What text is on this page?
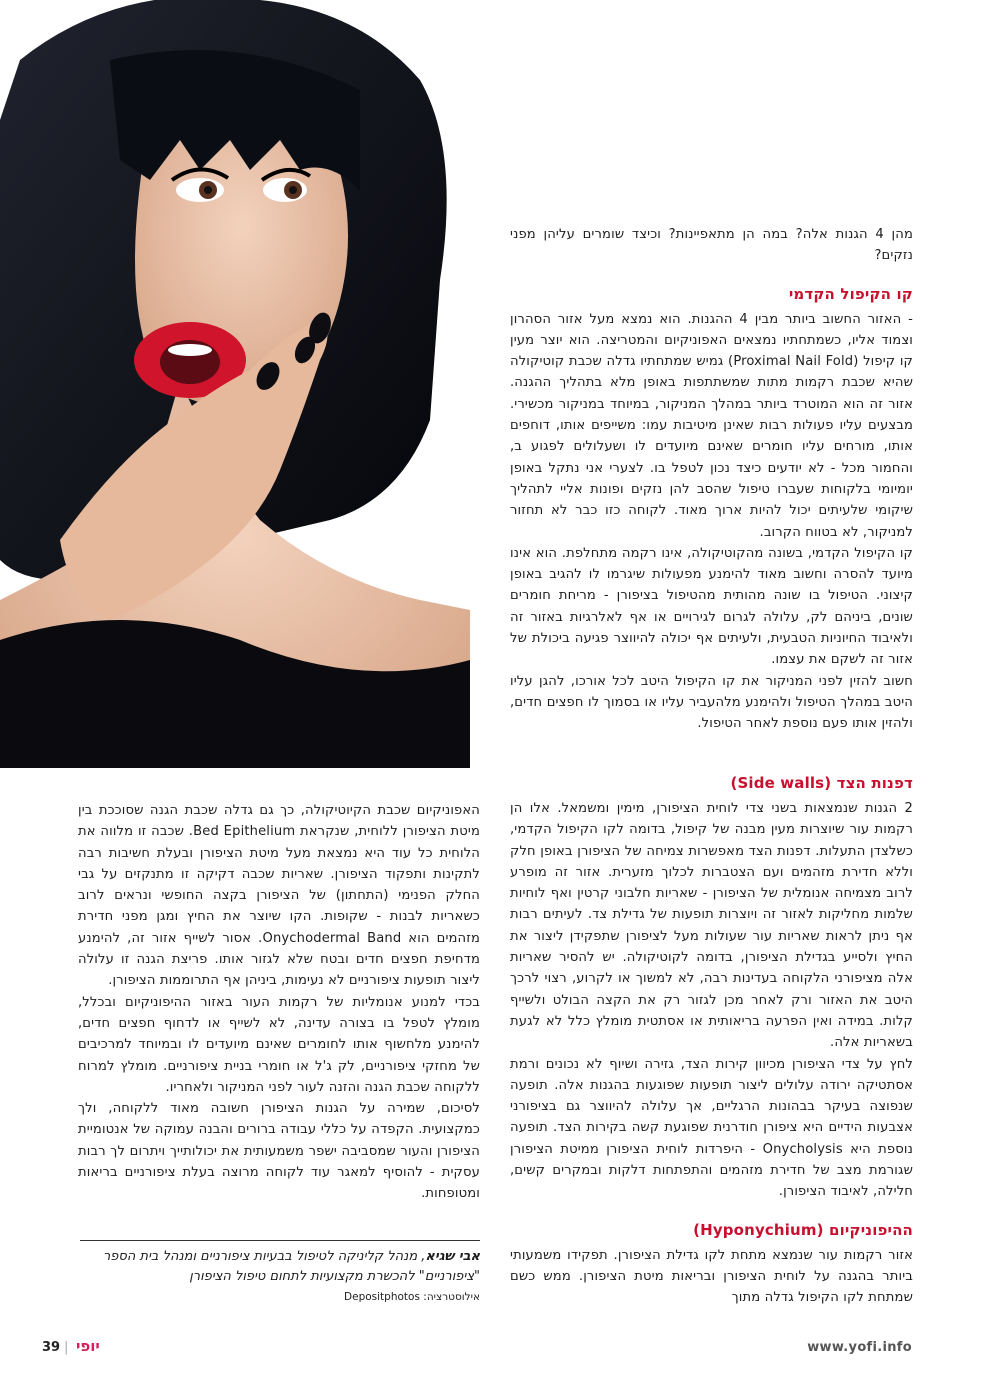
מהן 4 הגנות אלה? במה הן מתאפיינות? וכיצד שומרים עליהן מפני נזקים?

קו הקיפול הקדמי

- האזור החשוב ביותר מבין 4 ההגנות. הוא נמצא מעל אזור הסהרון וצמוד אליו, כשמתחתיו נמצאים האפוניקיום והמטריצה. הוא יוצר מעין קו קיפול (Proximal Nail Fold) גמיש שמתחתיו גדלה שכבת קוטיקולה שהיא שכבת רקמות מתות שמשתתפות באופן מלא בתהליך ההגנה. אזור זה הוא המוטרד ביותר במהלך המניקור, במיוחד במניקור מכשירי. מבצעים עליו פעולות רבות שאינן מיטיבות עמו: משייפים אותו, דוחפים אותו, מורחים עליו חומרים שאינם מיועדים לו ושעלולים לפגוע ב, והחמור מכל - לא יודעים כיצד נכון לטפל בו. לצערי אני נתקל באופן יומיומי בלקוחות שעברו טיפול שהסב להן נזקים ופונות אליי לתהליך שיקומי שלעיתים יכול להיות ארוך מאוד. לקוחה כזו כבר לא תחזור למניקור, לא בטווח הקרוב.

קו הקיפול הקדמי, בשונה מהקוטיקולה, אינו רקמה מתחלפת. הוא אינו מיועד להסרה וחשוב מאוד להימנע מפעולות שיגרמו לו להגיב באופן קיצוני. הטיפול בו שונה מהותית מהטיפול בציפורן - מריחת חומרים שונים, ביניהם לק, עלולה לגרום לגירויים או אף לאלרגיות באזור זה ולאיבוד החיוניות הטבעית, ולעיתים אף יכולה להיווצר פגיעה ביכולת של אזור זה לשקם את עצמו.

חשוב להזין לפני המניקור את קו הקיפול היטב לכל אורכו, להגן עליו היטב במהלך הטיפול ולהימנע מלהעביר עליו או בסמוך לו חפצים חדים, ולהזין אותו פעם נוספת לאחר הטיפול.

דפנות הצד (Side walls)

2 הגנות שנמצאות בשני צדי לוחית הציפורן, מימין ומשמאל. אלו הן רקמות עור שיוצרות מעין מבנה של קיפול, בדומה לקו הקיפול הקדמי, כשלצדן התעלות. דפנות הצד מאפשרות צמיחה של הציפורן באופן חלק וללא חדירת מזהמים ועם הצטברות לכלוך מזערית. אזור זה מופרע לרוב מצמיחה אנומלית של הציפורן - שאריות חלבוני קרטין ואף לוחיות שלמות מחליקות לאזור זה ויוצרות תופעות של גדילת צד. לעיתים רבות אף ניתן לראות שאריות עור שעולות מעל לציפורן שתפקידן ליצור את החיץ ולסייע בגדילת הציפורן, בדומה לקוטיקולה. יש להסיר שאריות אלה מציפורני הלקוחה בעדינות רבה, לא למשוך או לקרוע, רצוי לרכך היטב את האזור ורק לאחר מכן לגזור רק את הקצה הבולט ולשייף קלות. במידה ואין הפרעה בריאותית או אסתטית מומלץ כלל לא לגעת בשאריות אלה.

לחץ על צדי הציפורן מכיוון קירות הצד, גזירה ושיוף לא נכונים ורמת אסתטיקה ירודה עלולים ליצור תופעות שפוגעות בהגנות אלה. תופעה שנפוצה בעיקר בבהונות הרגליים, אך עלולה להיווצר גם בציפורני אצבעות הידיים היא ציפורן חודרנית שפוגעת קשה בקירות הצד. תופעה נוספת היא Onycholysis - היפרדות לוחית הציפורן ממיטת הציפורן שגורמת מצב של חדירת מזהמים והתפתחות דלקות ובמקרים קשים, חלילה, לאיבוד הציפורן.

ההיפוניקיום (Hyponychium)

אזור רקמות עור שנמצא מתחת לקו גדילת הציפורן. תפקידו משמעותי ביותר בהגנה על לוחית הציפורן ובריאות מיטת הציפורן. ממש כשם שמתחת לקו הקיפול גדלה מתוך

האפוניקיום שכבת הקיוטיקולה, כך גם גדלה שכבת הגנה שסוככת בין מיטת הציפורן ללוחית, שנקראת Bed Epithelium. שכבה זו מלווה את הלוחית כל עוד היא נמצאת מעל מיטת הציפורן ובעלת חשיבות רבה לתקינות ותפקוד הציפורן. שאריות שכבה דקיקה זו מתנקזים על גבי החלק הפנימי (התחתון) של הציפורן בקצה החופשי ונראים לרוב כשאריות לבנות - שקופות. הקו שיוצר את החיץ ומגן מפני חדירת מזהמים הוא Onychodermal Band. אסור לשייף אזור זה, להימנע מדחיפת חפצים חדים ובטח שלא לגזור אותו. פריצת הגנה זו עלולה ליצור תופעות ציפורניים לא נעימות, ביניהן אף התרוממות הציפורן.

בכדי למנוע אנומליות של רקמות העור באזור ההיפוניקיום ובכלל, מומלץ לטפל בו בצורה עדינה, לא לשייף או לדחוף חפצים חדים, להימנע מלחשוף אותו לחומרים שאינם מיועדים לו ובמיוחד למרכיבים של מחזקי ציפורניים, לק ג'ל או חומרי בניית ציפורניים. מומלץ למרוח ללקוחה שכבת הגנה והזנה לעור לפני המניקור ולאחריו.

לסיכום, שמירה על הגנות הציפורן חשובה מאוד ללקוחה, ולך כמקצועית. הקפדה על כללי עבודה ברורים והבנה עמוקה של אנטומיית הציפורן והעור שמסביבה ישפר משמעותית את יכולותייך ויתרום לך רבות עסקית - להוסיף למאגר עוד לקוחה מרוצה בעלת ציפורניים בריאות ומטופחות.

אבי שגיא, מנהל קליניקה לטיפול בבעיות ציפורניים ומנהל בית הספר "ציפורניים" להכשרת מקצועיות לתחום טיפול הציפורן

אילוסטרציה: Depositphotos
39 | יופי	www.yofi.info
